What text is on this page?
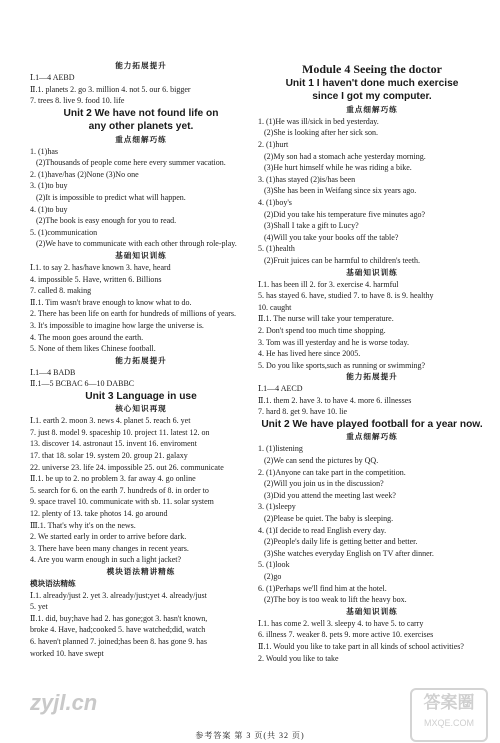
能力拓展提升
Ⅰ.1—4 AEBD
Ⅱ.1. planets 2. go 3. million 4. not 5. our 6. bigger
7. trees 8. live 9. food 10. life
Unit 2 We have not found life on
any other planets yet.
重点细解巧练
1. (1)has
(2)Thousands of people come here every summer vacation.
2. (1)have/has (2)None (3)No one
3. (1)to buy
(2)It is impossible to predict what will happen.
4. (1)to buy
(2)The book is easy enough for you to read.
5. (1)communication
(2)We have to communicate with each other through role-play.
基础知识训练
Ⅰ.1. to say 2. has/have known 3. have, heard
4. impossible 5. Have, written 6. Billions
7. called 8. making
Ⅱ.1. Tim wasn't brave enough to know what to do.
2. There has been life on earth for hundreds of millions of years.
3. It's impossible to imagine how large the universe is.
4. The moon goes around the earth.
5. None of them likes Chinese football.
能力拓展提升
Ⅰ.1—4 BADB
Ⅱ.1—5 BCBAC 6—10 DABBC
Unit 3 Language in use
核心知识再现
Ⅰ.1. earth 2. moon 3. news 4. planet 5. reach 6. yet
7. just 8. model 9. spaceship 10. project 11. latest 12. on
13. discover 14. astronaut 15. invent 16. enviroment
17. that 18. solar 19. system 20. group 21. galaxy
22. universe 23. life 24. impossible 25. out 26. communicate
Ⅱ.1. be up to 2. no problem 3. far away 4. go online
5. search for 6. on the earth 7. hundreds of 8. in order to
9. space travel 10. communicate with sb. 11. solar system
12. plenty of 13. take photos 14. go around
Ⅲ.1. That's why it's on the news.
2. We started early in order to arrive before dark.
3. There have been many changes in recent years.
4. Are you warm enough in such a light jacket?
模块语法精讲精练
模块语法精练
Ⅰ.1. already/just 2. yet 3. already/just;yet 4. already/just
5. yet
Ⅱ.1. did, buy;have had 2. has gone;got 3. hasn't known,
broke 4. Have, had;cooked 5. have watched;did, watch
6. haven't planned 7. joined;has been 8. has gone 9. has
worked 10. have swept
Module 4 Seeing the doctor
Unit 1 I haven't done much exercise
since I got my computer.
重点细解巧练
1. (1)He was ill/sick in bed yesterday.
(2)She is looking after her sick son.
2. (1)hurt
(2)My son had a stomach ache yesterday morning.
(3)He hurt himself while he was riding a bike.
3. (1)has stayed (2)is/has been
(3)She has been in Weifang since six years ago.
4. (1)boy's
(2)Did you take his temperature five minutes ago?
(3)Shall I take a gift to Lucy?
(4)Will you take your books off the table?
5. (1)health
(2)Fruit juices can be harmful to children's teeth.
基础知识训练
Ⅰ.1. has been ill 2. for 3. exercise 4. harmful
5. has stayed 6. have, studied 7. to have 8. is 9. healthy
10. caught
Ⅱ.1. The nurse will take your temperature.
2. Don't spend too much time shopping.
3. Tom was ill yesterday and he is worse today.
4. He has lived here since 2005.
5. Do you like sports,such as running or swimming?
能力拓展提升
Ⅰ.1—4 AECD
Ⅱ.1. them 2. have 3. to have 4. more 6. illnesses
7. hard 8. get 9. have 10. lie
Unit 2 We have played football for a year now.
重点细解巧练
1. (1)listening
(2)We can send the pictures by QQ.
2. (1)Anyone can take part in the competition.
(2)Will you join us in the discussion?
(3)Did you attend the meeting last week?
3. (1)sleepy
(2)Please be quiet. The baby is sleeping.
4. (1)I decide to read English every day.
(2)People's daily life is getting better and better.
(3)She watches everyday English on TV after dinner.
5. (1)look
(2)go
6. (1)Perhaps we'll find him at the hotel.
(2)The boy is too weak to lift the heavy box.
基础知识训练
Ⅰ.1. has come 2. well 3. sleepy 4. to have 5. to carry
6. illness 7. weaker 8. pets 9. more active 10. exercises
Ⅱ.1. Would you like to take part in all kinds of school activities?
2. Would you like to take
参考答案 第 3 页(共 32 页)
zyjl.cn	答案圈
MXQE.COM
